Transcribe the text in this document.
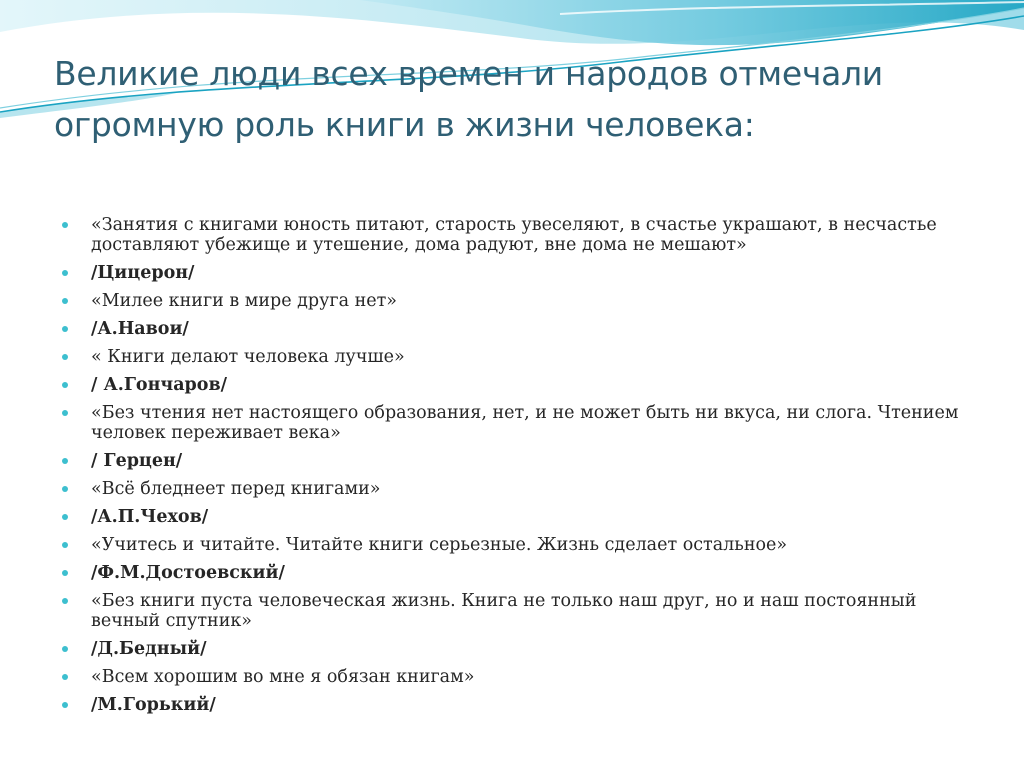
Великие люди всех времен и народов отмечали огромную роль книги в жизни человека:
«Занятия с книгами юность питают, старость увеселяют, в счастье украшают, в несчастье доставляют убежище и утешение, дома радуют, вне дома не мешают»
/Цицерон/
«Милее книги в мире друга нет»
/А.Навои/
« Книги делают человека лучше»
/ А.Гончаров/
«Без чтения нет настоящего образования, нет, и не может быть ни вкуса, ни слога. Чтением человек переживает века»
/ Герцен/
«Всё бледнеет перед книгами»
/А.П.Чехов/
«Учитесь и читайте. Читайте книги серьезные. Жизнь сделает остальное»
/Ф.М.Достоевский/
«Без книги пуста человеческая жизнь. Книга не только наш друг, но и наш постоянный вечный спутник»
/Д.Бедный/
«Всем хорошим во мне я обязан книгам»
/М.Горький/
